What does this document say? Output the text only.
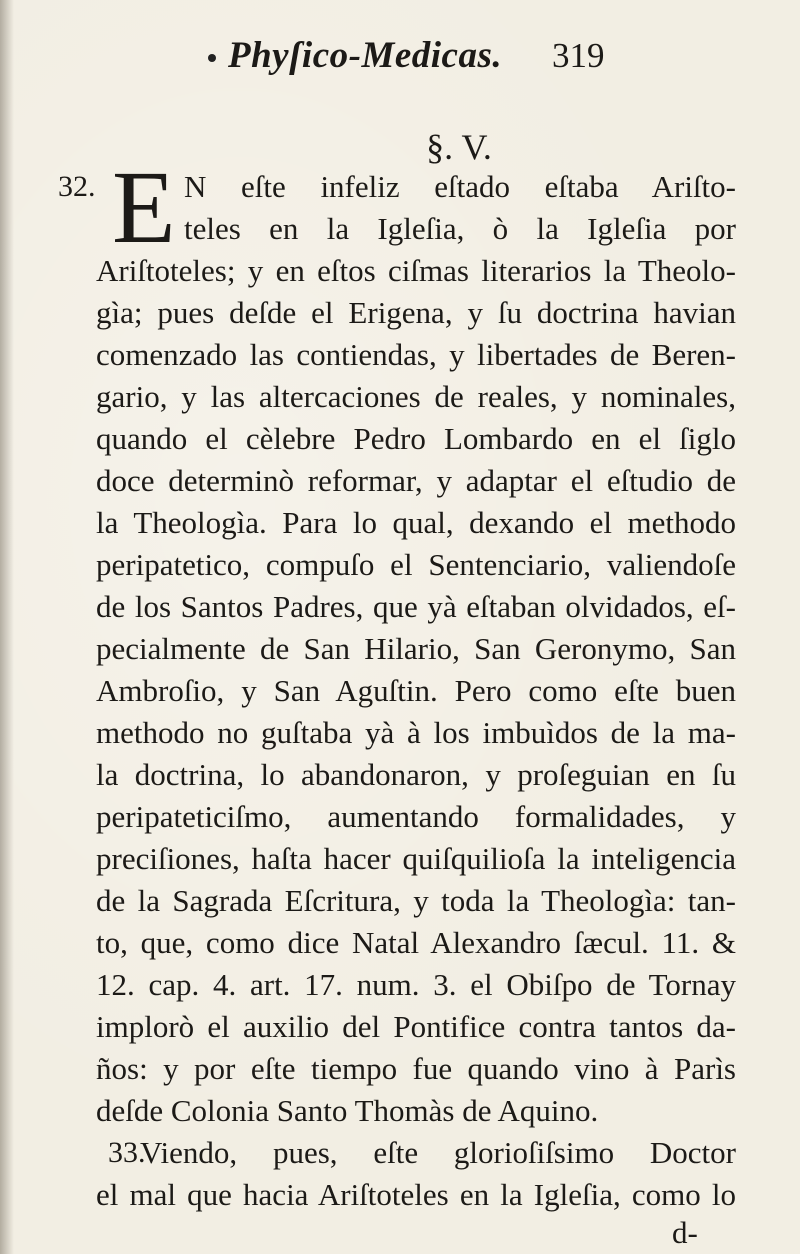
Phyſico-Medicas. 319
§. V.
32. E N eſte infeliz eſtado eſtaba Ariſto-
teles en la Igleſia, ò la Igleſia por
Ariſtoteles; y en eſtos ciſmas literarios la Theolo-
gìa; pues deſde el Erigena, y ſu doctrina havian
comenzado las contiendas, y libertades de Beren-
gario, y las altercaciones de reales, y nominales,
quando el cèlebre Pedro Lombardo en el ſiglo
doce determinò reformar, y adaptar el eſtudio de
la Theologìa. Para lo qual, dexando el methodo
peripatetico, compuſo el Sentenciario, valiendoſe
de los Santos Padres, que yà eſtaban olvidados, eſ-
pecialmente de San Hilario, San Geronymo, San
Ambroſio, y San Aguſtin. Pero como eſte buen
methodo no guſtaba yà à los imbuìdos de la ma-
la doctrina, lo abandonaron, y proſeguian en ſu
peripateticiſmo, aumentando formalidades, y
preciſiones, haſta hacer quiſquilioſa la inteligencia
de la Sagrada Eſcritura, y toda la Theologìa: tan-
to, que, como dice Natal Alexandro ſæcul. 11. &
12. cap. 4. art. 17. num. 3. el Obiſpo de Tornay
implorò el auxilio del Pontifice contra tantos da-
ños: y por eſte tiempo fue quando vino à Parìs
deſde Colonia Santo Thomàs de Aquino.
Viendo, pues, eſte glorioſiſsimo Doctor
el mal que hacia Ariſtoteles en la Igleſia, como lo
33.
d-
